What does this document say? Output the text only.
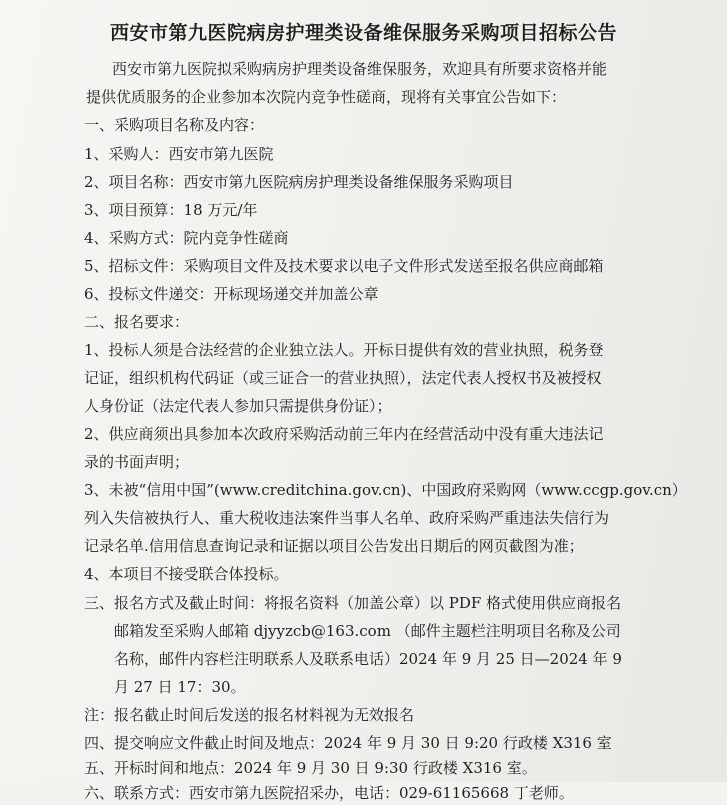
西安市第九医院病房护理类设备维保服务采购项目招标公告
西安市第九医院拟采购病房护理类设备维保服务，欢迎具有所要求资格并能
提供优质服务的企业参加本次院内竞争性磋商，现将有关事宜公告如下：
一、采购项目名称及内容：
1、采购人：西安市第九医院
2、项目名称：西安市第九医院病房护理类设备维保服务采购项目
3、项目预算：18 万元/年
4、采购方式：院内竞争性磋商
5、招标文件：采购项目文件及技术要求以电子文件形式发送至报名供应商邮箱
6、投标文件递交：开标现场递交并加盖公章
二、报名要求：
1、投标人须是合法经营的企业独立法人。开标日提供有效的营业执照，税务登
记证，组织机构代码证（或三证合一的营业执照），法定代表人授权书及被授权
人身份证（法定代表人参加只需提供身份证）；
2、供应商须出具参加本次政府采购活动前三年内在经营活动中没有重大违法记
录的书面声明；
3、未被“信用中国”(www.creditchina.gov.cn)、中国政府采购网（www.ccgp.gov.cn）
列入失信被执行人、重大税收违法案件当事人名单、政府采购严重违法失信行为
记录名单.信用信息查询记录和证据以项目公告发出日期后的网页截图为准；
4、本项目不接受联合体投标。
三、报名方式及截止时间：将报名资料（加盖公章）以 PDF 格式使用供应商报名
邮箱发至采购人邮箱 djyyzcb@163.com （邮件主题栏注明项目名称及公司
名称，邮件内容栏注明联系人及联系电话）2024 年 9 月 25 日—2024 年 9
月 27 日 17：30。
注：报名截止时间后发送的报名材料视为无效报名
四、提交响应文件截止时间及地点：2024 年 9 月 30 日 9:20 行政楼 X316 室
五、开标时间和地点：2024 年 9 月 30 日 9:30 行政楼 X316 室。
六、联系方式：西安市第九医院招采办，电话：029-61165668 丁老师。
